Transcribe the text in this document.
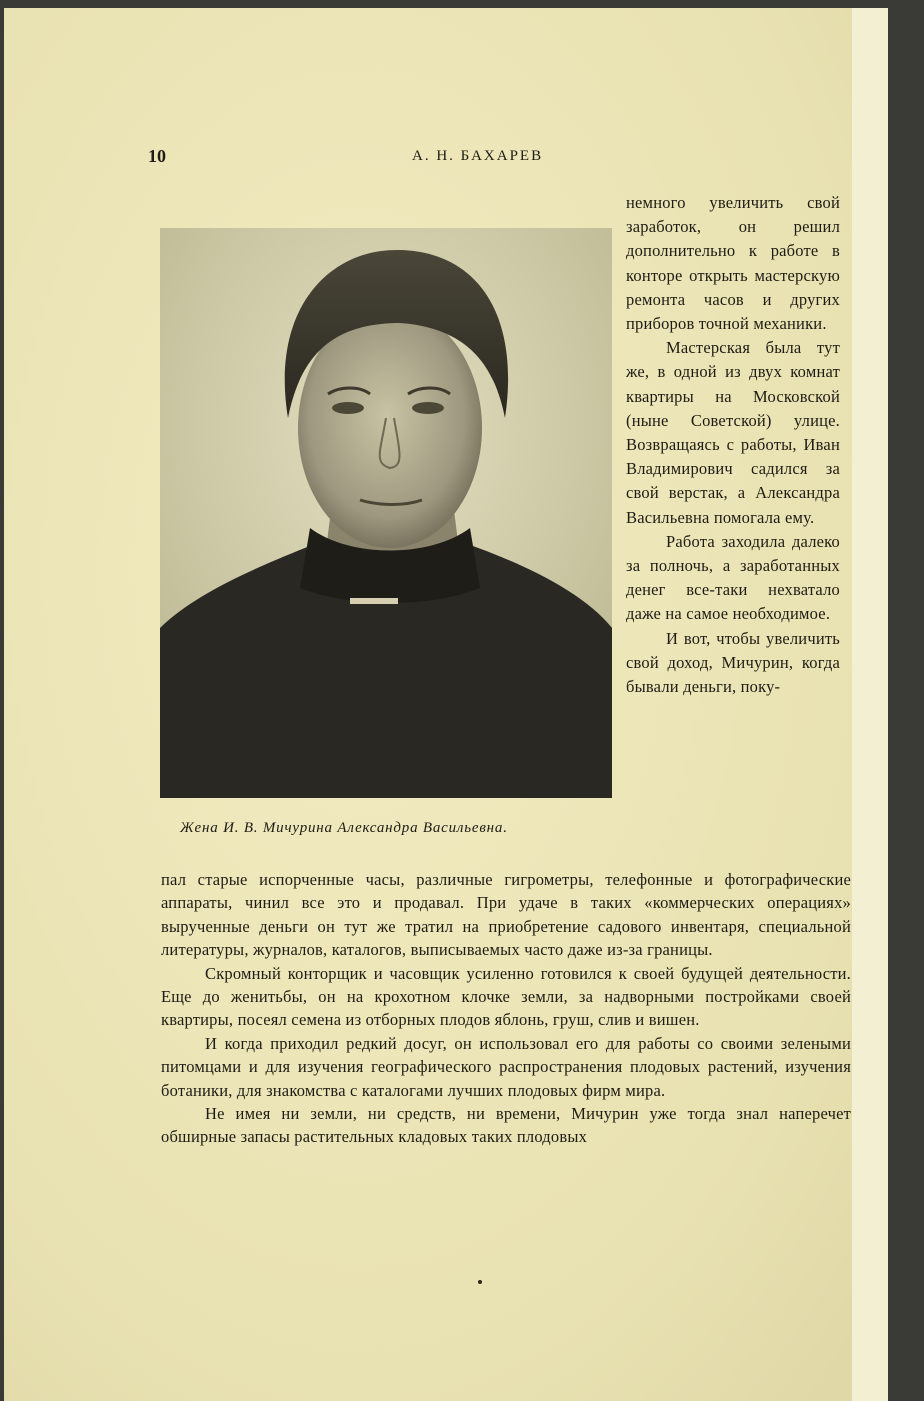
10	А. Н. БАХАРЕВ
Жена И. В. Мичурина Александра Васильевна.

немного увеличить свой заработок, он решил дополнительно к работе в конторе открыть мастерскую ремонта часов и других приборов точной механики.

Мастерская была тут же, в одной из двух комнат квартиры на Московской (ныне Советской) улице. Возвращаясь с работы, Иван Владимирович садился за свой верстак, а Александра Васильевна помогала ему.

Работа заходила далеко за полночь, а заработанных денег все-таки нехватало даже на самое необходимое.

И вот, чтобы увеличить свой доход, Мичурин, когда бывали деньги, поку-

пал старые испорченные часы, различные гигрометры, телефонные и фотографические аппараты, чинил все это и продавал. При удаче в таких «коммерческих операциях» вырученные деньги он тут же тратил на приобретение садового инвентаря, специальной литературы, журналов, каталогов, выписываемых часто даже из-за границы.

Скромный конторщик и часовщик усиленно готовился к своей будущей деятельности. Еще до женитьбы, он на крохотном клочке земли, за надворными постройками своей квартиры, посеял семена из отборных плодов яблонь, груш, слив и вишен.

И когда приходил редкий досуг, он использовал его для работы со своими зелеными питомцами и для изучения географического распространения плодовых растений, изучения ботаники, для знакомства с каталогами лучших плодовых фирм мира.

Не имея ни земли, ни средств, ни времени, Мичурин уже тогда знал наперечет обширные запасы растительных кладовых таких плодовых
